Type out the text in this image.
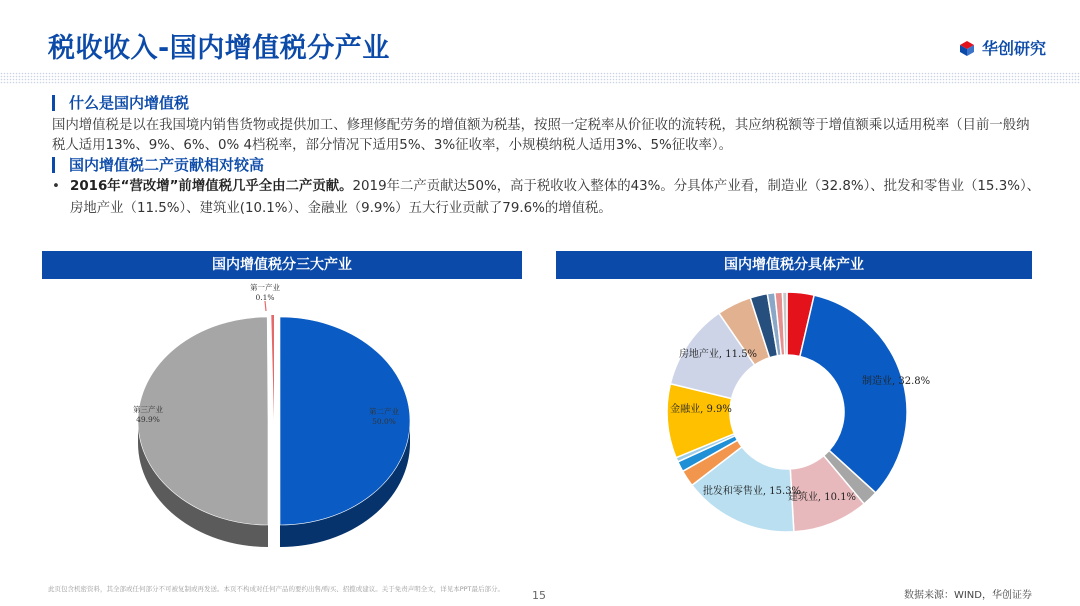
税收收入-国内增值税分产业	华创研究
什么是国内增值税
国内增值税是以在我国境内销售货物或提供加工、修理修配劳务的增值额为税基，按照一定税率从价征收的流转税，其应纳税额等于增值额乘以适用税率（目前一般纳税人适用13%、9%、6%、0% 4档税率，部分情况下适用5%、3%征收率，小规模纳税人适用3%、5%征收率）。
国内增值税二产贡献相对较高
• 2016年“营改增”前增值税几乎全由二产贡献。2019年二产贡献达50%，高于税收收入整体的43%。分具体产业看，制造业（32.8%）、批发和零售业（15.3%）、房地产业（11.5%）、建筑业(10.1%）、金融业（9.9%）五大行业贡献了79.6%的增值税。
国内增值税分三大产业	国内增值税分具体产业
第一产业
0.1%
第二产业
50.0%
第三产业
49.9%
制造业, 32.8%
建筑业, 10.1%
批发和零售业, 15.3%
金融业, 9.9%
房地产业, 11.5%
此页包含机密资料，其全部或任何部分不可被复制或再发送。本页不构成对任何产品的要约出售/购买、招揽或建议。关于免责声明全文，详见本PPT最后部分。	15	数据来源：WIND，华创证券
